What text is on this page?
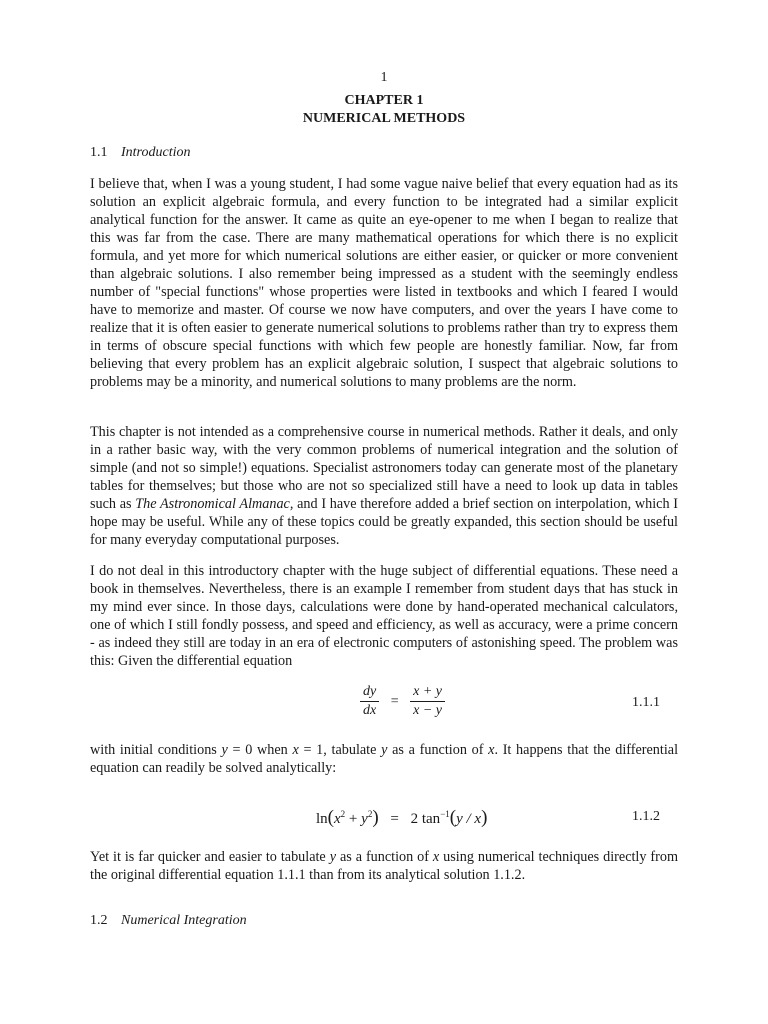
1
CHAPTER 1
NUMERICAL METHODS
1.1 Introduction
I believe that, when I was a young student, I had some vague naive belief that every equation had as its solution an explicit algebraic formula, and every function to be integrated had a similar explicit analytical function for the answer. It came as quite an eye-opener to me when I began to realize that this was far from the case. There are many mathematical operations for which there is no explicit formula, and yet more for which numerical solutions are either easier, or quicker or more convenient than algebraic solutions. I also remember being impressed as a student with the seemingly endless number of "special functions" whose properties were listed in textbooks and which I feared I would have to memorize and master. Of course we now have computers, and over the years I have come to realize that it is often easier to generate numerical solutions to problems rather than try to express them in terms of obscure special functions with which few people are honestly familiar. Now, far from believing that every problem has an explicit algebraic solution, I suspect that algebraic solutions to problems may be a minority, and numerical solutions to many problems are the norm.
This chapter is not intended as a comprehensive course in numerical methods. Rather it deals, and only in a rather basic way, with the very common problems of numerical integration and the solution of simple (and not so simple!) equations. Specialist astronomers today can generate most of the planetary tables for themselves; but those who are not so specialized still have a need to look up data in tables such as The Astronomical Almanac, and I have therefore added a brief section on interpolation, which I hope may be useful. While any of these topics could be greatly expanded, this section should be useful for many everyday computational purposes.
I do not deal in this introductory chapter with the huge subject of differential equations. These need a book in themselves. Nevertheless, there is an example I remember from student days that has stuck in my mind ever since. In those days, calculations were done by hand-operated mechanical calculators, one of which I still fondly possess, and speed and efficiency, as well as accuracy, were a prime concern - as indeed they still are today in an era of electronic computers of astonishing speed. The problem was this: Given the differential equation
$\frac{dy}{dx} = \frac{x + y}{x - y}$	1.1.1
with initial conditions y = 0 when x = 1, tabulate y as a function of x. It happens that the differential equation can readily be solved analytically:
$\ln(x^2 + y^2) = 2$ $\tan^{-1}(y / x)$	1.1.2
Yet it is far quicker and easier to tabulate y as a function of x using numerical techniques directly from the original differential equation 1.1.1 than from its analytical solution 1.1.2.
1.2 Numerical Integration
